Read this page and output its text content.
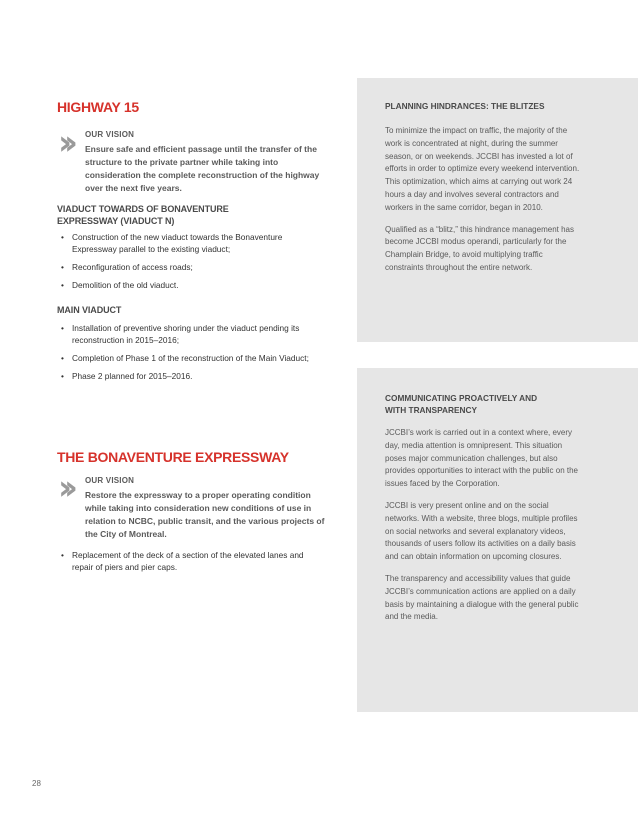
HIGHWAY 15
›› OUR VISION
Ensure safe and efficient passage until the transfer of the structure to the private partner while taking into consideration the complete reconstruction of the highway over the next five years.
VIADUCT TOWARDS OF BONAVENTURE EXPRESSWAY (VIADUCT N)
• Construction of the new viaduct towards the Bonaventure Expressway parallel to the existing viaduct;
• Reconfiguration of access roads;
• Demolition of the old viaduct.
MAIN VIADUCT
• Installation of preventive shoring under the viaduct pending its reconstruction in 2015–2016;
• Completion of Phase 1 of the reconstruction of the Main Viaduct;
• Phase 2 planned for 2015–2016.
THE BONAVENTURE EXPRESSWAY
›› OUR VISION
Restore the expressway to a proper operating condition while taking into consideration new conditions of use in relation to NCBC, public transit, and the various projects of the City of Montreal.
• Replacement of the deck of a section of the elevated lanes and repair of piers and pier caps.
PLANNING HINDRANCES: THE BLITZES

To minimize the impact on traffic, the majority of the work is concentrated at night, during the summer season, or on weekends. JCCBI has invested a lot of efforts in order to optimize every weekend intervention. This optimization, which aims at carrying out work 24 hours a day and involves several contractors and workers in the same corridor, began in 2010.

Qualified as a “blitz,” this hindrance management has become JCCBI modus operandi, particularly for the Champlain Bridge, to avoid multiplying traffic constraints throughout the entire network.

COMMUNICATING PROACTIVELY AND WITH TRANSPARENCY

JCCBI’s work is carried out in a context where, every day, media attention is omnipresent. This situation poses major communication challenges, but also provides opportunities to interact with the public on the issues faced by the Corporation.

JCCBI is very present online and on the social networks. With a website, three blogs, multiple profiles on social networks and several explanatory videos, thousands of users follow its activities on a daily basis and can obtain information on upcoming closures.

The transparency and accessibility values that guide JCCBI’s communication actions are applied on a daily basis by maintaining a dialogue with the general public and the media.

28
